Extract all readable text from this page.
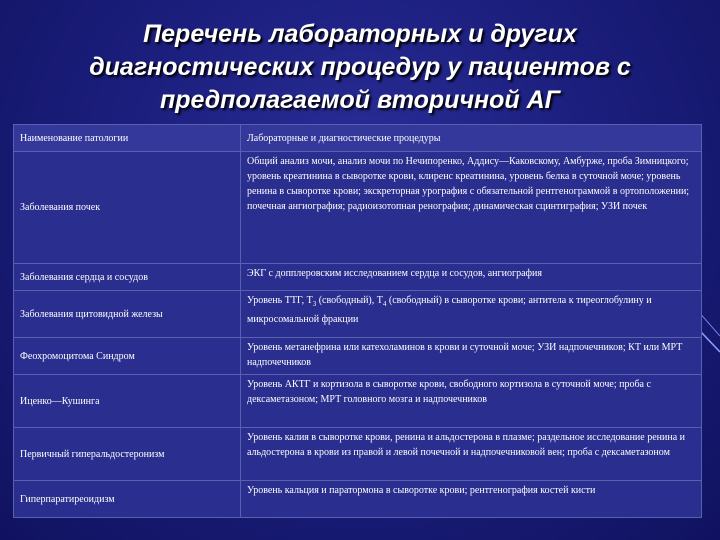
Перечень лабораторных и других
диагностических процедур у пациентов с
предполагаемой вторичной АГ
Наименование патологии	Лабораторные и диагностические процедуры
Заболевания почек	Общий анализ мочи, анализ мочи по Нечипоренко, Аддису—Каковскому, Амбурже, проба Зимницкого; уровень креатинина в сыворотке крови, клиренс креатинина, уровень белка в суточной моче; уровень ренина в сыворотке крови; экскреторная урография с обязательной рентгенограммой в ортоположении; почечная ангиография; радиоизотопная ренография; динамическая сцинтиграфия; УЗИ почек
Заболевания сердца и сосудов	ЭКГ с допплеровским исследованием сердца и сосудов, ангиография
Заболевания щитовидной железы	Уровень ТТГ, $Т_3$ (свободный), $Т_4$ (свободный) в сыворотке крови; антитела к тиреоглобулину и микросомальной фракции
Феохромоцитома Синдром	Уровень метанефрина или катехоламинов в крови и суточной моче; УЗИ надпочечников; КТ или МРТ надпочечников
Иценко—Кушинга	Уровень АКТГ и кортизола в сыворотке крови, свободного кортизола в суточной моче; проба с дексаметазоном; МРТ головного мозга и надпочечников
Первичный гиперальдостеронизм	Уровень калия в сыворотке крови, ренина и альдостерона в плазме; раздельное исследование ренина и альдостерона в крови из правой и левой почечной и надпочечниковой вен; проба с дексаметазоном
Гиперпаратиреоидизм	Уровень кальция и паратормона в сыворотке крови; рентгенография костей кисти
